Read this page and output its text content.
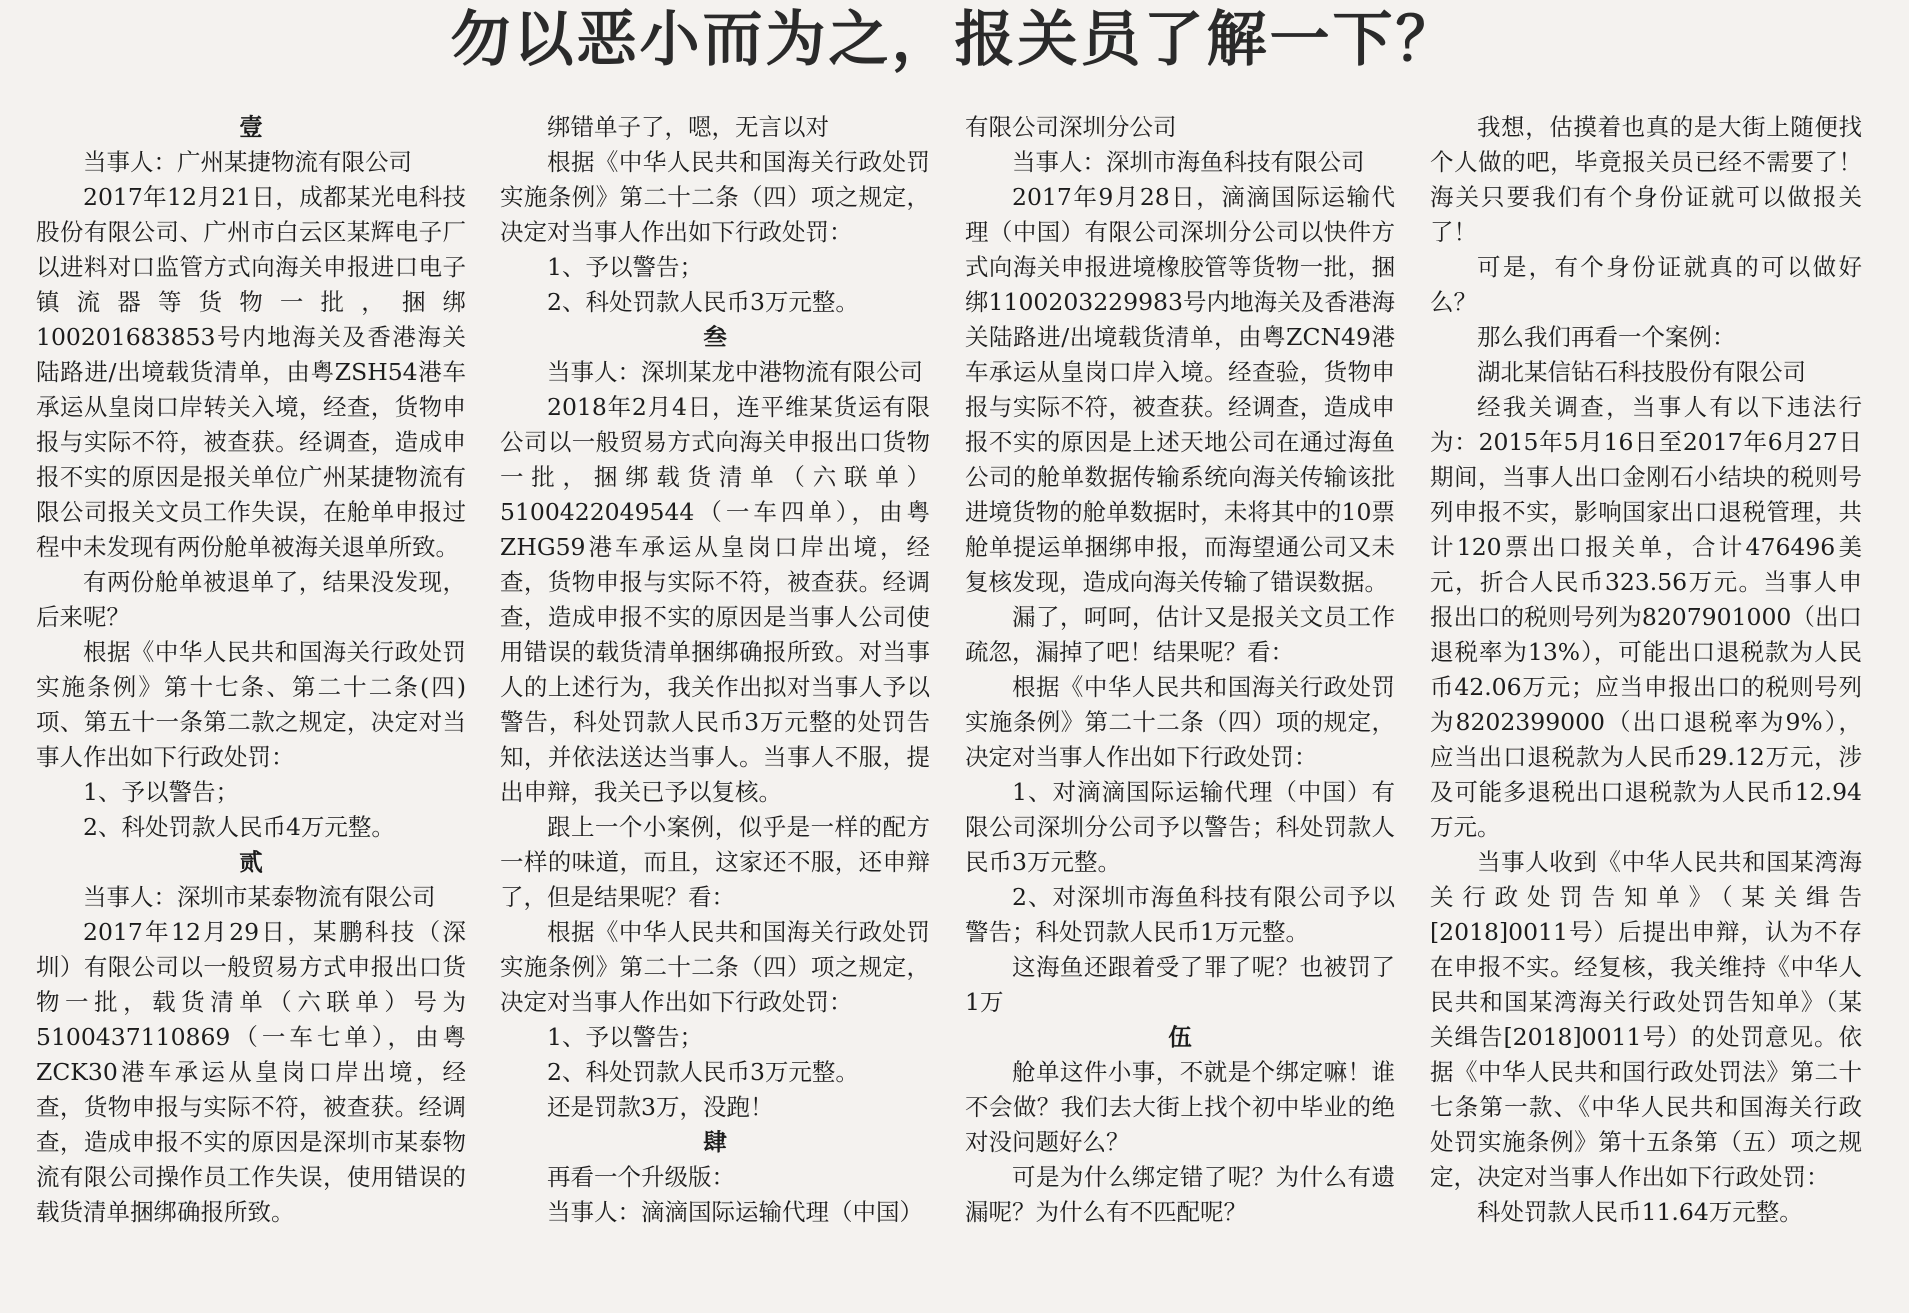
勿以恶小而为之，报关员了解一下？

壹

当事人：广州某捷物流有限公司

2017年12月21日，成都某光电科技股份有限公司、广州市白云区某辉电子厂以进料对口监管方式向海关申报进口电子镇流器等货物一批，捆绑100201683853号内地海关及香港海关陆路进/出境载货清单，由粤ZSH54港车承运从皇岗口岸转关入境，经查，货物申报与实际不符，被查获。经调查，造成申报不实的原因是报关单位广州某捷物流有限公司报关文员工作失误，在舱单申报过程中未发现有两份舱单被海关退单所致。

有两份舱单被退单了，结果没发现，后来呢？

根据《中华人民共和国海关行政处罚实施条例》第十七条、第二十二条(四)项、第五十一条第二款之规定，决定对当事人作出如下行政处罚：

1、予以警告；

2、科处罚款人民币4万元整。

贰

当事人：深圳市某泰物流有限公司

2017年12月29日，某鹏科技（深圳）有限公司以一般贸易方式申报出口货物一批，载货清单（六联单）号为5100437110869（一车七单），由粤ZCK30港车承运从皇岗口岸出境，经查，货物申报与实际不符，被查获。经调查，造成申报不实的原因是深圳市某泰物流有限公司操作员工作失误，使用错误的载货清单捆绑确报所致。

绑错单子了，嗯，无言以对

根据《中华人民共和国海关行政处罚实施条例》第二十二条（四）项之规定，决定对当事人作出如下行政处罚：

1、予以警告；

2、科处罚款人民币3万元整。

叁

当事人：深圳某龙中港物流有限公司

2018年2月4日，连平维某货运有限公司以一般贸易方式向海关申报出口货物一批，捆绑载货清单（六联单）5100422049544（一车四单），由粤ZHG59港车承运从皇岗口岸出境，经查，货物申报与实际不符，被查获。经调查，造成申报不实的原因是当事人公司使用错误的载货清单捆绑确报所致。对当事人的上述行为，我关作出拟对当事人予以警告，科处罚款人民币3万元整的处罚告知，并依法送达当事人。当事人不服，提出申辩，我关已予以复核。

跟上一个小案例，似乎是一样的配方一样的味道，而且，这家还不服，还申辩了，但是结果呢？看：

根据《中华人民共和国海关行政处罚实施条例》第二十二条（四）项之规定，决定对当事人作出如下行政处罚：

1、予以警告；

2、科处罚款人民币3万元整。

还是罚款3万，没跑！

肆

再看一个升级版：

当事人：滴滴国际运输代理（中国）

有限公司深圳分公司

当事人：深圳市海鱼科技有限公司

2017年9月28日，滴滴国际运输代理（中国）有限公司深圳分公司以快件方式向海关申报进境橡胶管等货物一批，捆绑1100203229983号内地海关及香港海关陆路进/出境载货清单，由粤ZCN49港车承运从皇岗口岸入境。经查验，货物申报与实际不符，被查获。经调查，造成申报不实的原因是上述天地公司在通过海鱼公司的舱单数据传输系统向海关传输该批进境货物的舱单数据时，未将其中的10票舱单提运单捆绑申报，而海望通公司又未复核发现，造成向海关传输了错误数据。

漏了，呵呵，估计又是报关文员工作疏忽，漏掉了吧！结果呢？看：

根据《中华人民共和国海关行政处罚实施条例》第二十二条（四）项的规定，决定对当事人作出如下行政处罚：

1、对滴滴国际运输代理（中国）有限公司深圳分公司予以警告；科处罚款人民币3万元整。

2、对深圳市海鱼科技有限公司予以警告；科处罚款人民币1万元整。

这海鱼还跟着受了罪了呢？也被罚了1万

伍

舱单这件小事，不就是个绑定嘛！谁不会做？我们去大街上找个初中毕业的绝对没问题好么？

可是为什么绑定错了呢？为什么有遗漏呢？为什么有不匹配呢？

我想，估摸着也真的是大街上随便找个人做的吧，毕竟报关员已经不需要了！海关只要我们有个身份证就可以做报关了！

可是，有个身份证就真的可以做好么？

那么我们再看一个案例：

湖北某信钻石科技股份有限公司

经我关调查，当事人有以下违法行为：2015年5月16日至2017年6月27日期间，当事人出口金刚石小结块的税则号列申报不实，影响国家出口退税管理，共计120票出口报关单，合计476496美元，折合人民币323.56万元。当事人申报出口的税则号列为8207901000（出口退税率为13%），可能出口退税款为人民币42.06万元；应当申报出口的税则号列为8202399000（出口退税率为9%），应当出口退税款为人民币29.12万元，涉及可能多退税出口退税款为人民币12.94万元。

当事人收到《中华人民共和国某湾海关行政处罚告知单》（某关缉告[2018]0011号）后提出申辩，认为不存在申报不实。经复核，我关维持《中华人民共和国某湾海关行政处罚告知单》（某关缉告[2018]0011号）的处罚意见。依据《中华人民共和国行政处罚法》第二十七条第一款、《中华人民共和国海关行政处罚实施条例》第十五条第（五）项之规定，决定对当事人作出如下行政处罚：

科处罚款人民币11.64万元整。
